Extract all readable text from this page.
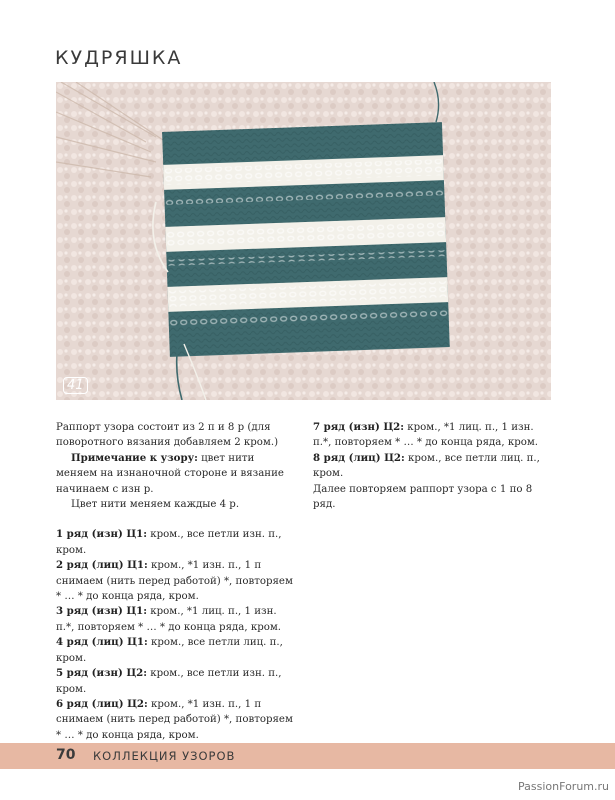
КУДРЯШКА
41

Раппорт узора состоит из 2 п и 8 р (для поворотного вязания добавляем 2 кром.)

Примечание к узору: цвет нити меняем на изнаночной стороне и вязание начинаем с изн р.

Цвет нити меняем каждые 4 р.

1 ряд (изн) Ц1: кром., все петли изн. п., кром.

2 ряд (лиц) Ц1: кром., *1 изн. п., 1 п снимаем (нить перед работой) *, повторяем * … * до конца ряда, кром.

3 ряд (изн) Ц1: кром., *1 лиц. п., 1 изн. п.*, повторяем * … * до конца ряда, кром.

4 ряд (лиц) Ц1: кром., все петли лиц. п., кром.

5 ряд (изн) Ц2: кром., все петли изн. п., кром.

6 ряд (лиц) Ц2: кром., *1 изн. п., 1 п снимаем (нить перед работой) *, повторяем * … * до конца ряда, кром.

7 ряд (изн) Ц2: кром., *1 лиц. п., 1 изн. п.*, повторяем * … * до конца ряда, кром.

8 ряд (лиц) Ц2: кром., все петли лиц. п., кром.

Далее повторяем раппорт узора с 1 по 8 ряд.

70 КОЛЛЕКЦИЯ УЗОРОВ
PassionForum.ru
